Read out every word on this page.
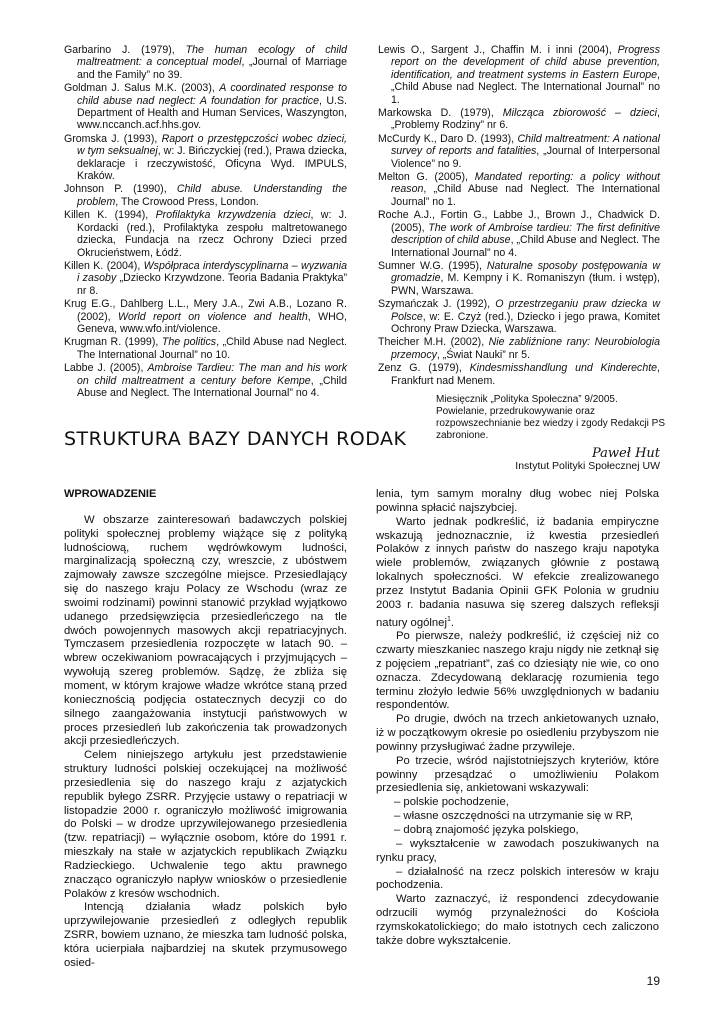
Garbarino J. (1979), The human ecology of child maltreatment: a conceptual model, „Journal of Marriage and the Family” no 39.

Goldman J. Salus M.K. (2003), A coordinated response to child abuse nad neglect: A foundation for practice, U.S. Department of Health and Human Services, Waszyngton, www.nccanch.acf.hhs.gov.

Gromska J. (1993), Raport o przestępczości wobec dzieci, w tym seksualnej, w: J. Bińczyckiej (red.), Prawa dziecka, deklaracje i rzeczywistość, Oficyna Wyd. IMPULS, Kraków.

Johnson P. (1990), Child abuse. Understanding the problem, The Crowood Press, London.

Killen K. (1994), Profilaktyka krzywdzenia dzieci, w: J. Kordacki (red.), Profilaktyka zespołu maltretowanego dziecka, Fundacja na rzecz Ochrony Dzieci przed Okrucieństwem, Łódź.

Killen K. (2004), Współpraca interdyscyplinarna – wyzwania i zasoby „Dziecko Krzywdzone. Teoria Badania Praktyka” nr 8.

Krug E.G., Dahlberg L.L., Mery J.A., Zwi A.B., Lozano R. (2002), World report on violence and health, WHO, Geneva, www.wfo.int/violence.

Krugman R. (1999), The politics, „Child Abuse nad Neglect. The International Journal” no 10.

Labbe J. (2005), Ambroise Tardieu: The man and his work on child maltreatment a century before Kempe, „Child Abuse and Neglect. The International Journal” no 4.

Lewis O., Sargent J., Chaffin M. i inni (2004), Progress report on the development of child abuse prevention, identification, and treatment systems in Eastern Europe, „Child Abuse nad Neglect. The International Journal” no 1.

Markowska D. (1979), Milcząca zbiorowość – dzieci, „Problemy Rodziny” nr 6.

McCurdy K., Daro D. (1993), Child maltreatment: A national survey of reports and fatalities, „Journal of Interpersonal Violence” no 9.

Melton G. (2005), Mandated reporting: a policy without reason, „Child Abuse nad Neglect. The International Journal” no 1.

Roche A.J., Fortin G., Labbe J., Brown J., Chadwick D. (2005), The work of Ambroise tardieu: The first definitive description of child abuse, „Child Abuse and Neglect. The International Journal” no 4.

Sumner W.G. (1995), Naturalne sposoby postępowania w gromadzie, M. Kempny i K. Romaniszyn (tłum. i wstęp), PWN, Warszawa.

Szymańczak J. (1992), O przestrzeganiu praw dziecka w Polsce, w: E. Czyż (red.), Dziecko i jego prawa, Komitet Ochrony Praw Dziecka, Warszawa.

Theicher M.H. (2002), Nie zabliźnione rany: Neurobiologia przemocy, „Świat Nauki” nr 5.

Zenz G. (1979), Kindesmisshandlung und Kinderechte, Frankfurt nad Menem.

Miesięcznik „Polityka Społeczna” 9/2005. Powielanie, przedrukowywanie oraz rozpowszechnianie bez wiedzy i zgody Redakcji PS zabronione.
STRUKTURA BAZY DANYCH RODAK
Paweł Hut
Instytut Polityki Społecznej UW
WPROWADZENIE

W obszarze zainteresowań badawczych polskiej polityki społecznej problemy wiążące się z polityką ludnościową, ruchem wędrówkowym ludności, marginalizacją społeczną czy, wreszcie, z ubóstwem zajmowały zawsze szczególne miejsce. Przesiedlający się do naszego kraju Polacy ze Wschodu (wraz ze swoimi rodzinami) powinni stanowić przykład wyjątkowo udanego przedsięwzięcia przesiedleńczego na tle dwóch powojennych masowych akcji repatriacyjnych. Tymczasem przesiedlenia rozpoczęte w latach 90. – wbrew oczekiwaniom powracających i przyjmujących – wywołują szereg problemów. Sądzę, że zbliża się moment, w którym krajowe władze wkrótce staną przed koniecznością podjęcia ostatecznych decyzji co do silnego zaangażowania instytucji państwowych w proces przesiedleń lub zakończenia tak prowadzonych akcji przesiedleńczych.

Celem niniejszego artykułu jest przedstawienie struktury ludności polskiej oczekującej na możliwość przesiedlenia się do naszego kraju z azjatyckich republik byłego ZSRR. Przyjęcie ustawy o repatriacji w listopadzie 2000 r. ograniczyło możliwość imigrowania do Polski – w drodze uprzywilejowanego przesiedlenia (tzw. repatriacji) – wyłącznie osobom, które do 1991 r. mieszkały na stałe w azjatyckich republikach Związku Radzieckiego. Uchwalenie tego aktu prawnego znacząco ograniczyło napływ wniosków o przesiedlenie Polaków z kresów wschodnich.

Intencją działania władz polskich było uprzywilejowanie przesiedleń z odległych republik ZSRR, bowiem uznano, że mieszka tam ludność polska, która ucierpiała najbardziej na skutek przymusowego osied-

lenia, tym samym moralny dług wobec niej Polska powinna spłacić najszybciej.

Warto jednak podkreślić, iż badania empiryczne wskazują jednoznacznie, iż kwestia przesiedleń Polaków z innych państw do naszego kraju napotyka wiele problemów, związanych głównie z postawą lokalnych społeczności. W efekcie zrealizowanego przez Instytut Badania Opinii GFK Polonia w grudniu 2003 r. badania nasuwa się szereg dalszych refleksji natury ogólnej$^1$.

Po pierwsze, należy podkreślić, iż częściej niż co czwarty mieszkaniec naszego kraju nigdy nie zetknął się z pojęciem „repatriant”, zaś co dziesiąty nie wie, co ono oznacza. Zdecydowaną deklarację rozumienia tego terminu złożyło ledwie 56% uwzględnionych w badaniu respondentów.

Po drugie, dwóch na trzech ankietowanych uznało, iż w początkowym okresie po osiedleniu przybyszom nie powinny przysługiwać żadne przywileje.

Po trzecie, wśród najistotniejszych kryteriów, które powinny przesądzać o umożliwieniu Polakom przesiedlenia się, ankietowani wskazywali:

– polskie pochodzenie,

– własne oszczędności na utrzymanie się w RP,

– dobrą znajomość języka polskiego,

– wykształcenie w zawodach poszukiwanych na rynku pracy,

– działalność na rzecz polskich interesów w kraju pochodzenia.

Warto zaznaczyć, iż respondenci zdecydowanie odrzucili wymóg przynależności do Kościoła rzymskokatolickiego; do mało istotnych cech zaliczono także dobre wykształcenie.

19
